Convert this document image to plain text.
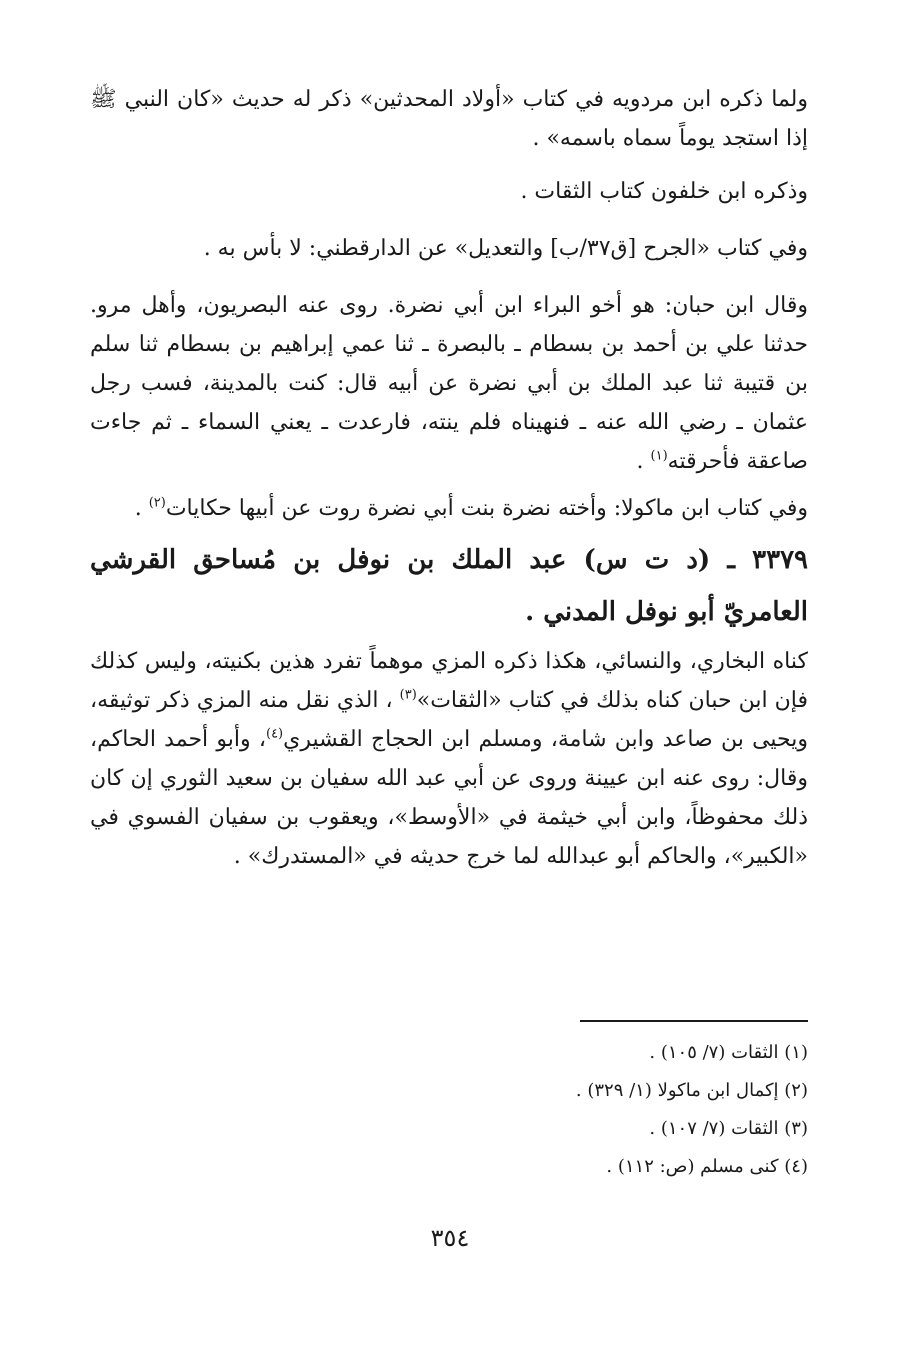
ولما ذكره ابن مردويه في كتاب «أولاد المحدثين» ذكر له حديث «كان النبي ﷺ إذا استجد يوماً سماه باسمه» .

وذكره ابن خلفون كتاب الثقات .

وفي كتاب «الجرح [ق٣٧/ب] والتعديل» عن الدارقطني: لا بأس به .

وقال ابن حبان: هو أخو البراء ابن أبي نضرة. روى عنه البصريون، وأهل مرو. حدثنا علي بن أحمد بن بسطام ـ بالبصرة ـ ثنا عمي إبراهيم بن بسطام ثنا سلم بن قتيبة ثنا عبد الملك بن أبي نضرة عن أبيه قال: كنت بالمدينة، فسب رجل عثمان ـ رضي الله عنه ـ فنهيناه فلم ينته، فارعدت ـ يعني السماء ـ ثم جاءت صاعقة فأحرقته$^{(١)}$ .

وفي كتاب ابن ماكولا: وأخته نضرة بنت أبي نضرة روت عن أبيها حكايات$^{(٢)}$ .

٣٣٧٩ ـ (د ت س) عبد الملك بن نوفل بن مُساحق القرشي العامريّ أبو نوفل المدني .

كناه البخاري، والنسائي، هكذا ذكره المزي موهماً تفرد هذين بكنيته، وليس كذلك فإن ابن حبان كناه بذلك في كتاب «الثقات»$^{(٣)}$ ، الذي نقل منه المزي ذكر توثيقه، ويحيى بن صاعد وابن شامة، ومسلم ابن الحجاج القشيري$^{(٤)}$، وأبو أحمد الحاكم، وقال: روى عنه ابن عيينة وروى عن أبي عبد الله سفيان بن سعيد الثوري إن كان ذلك محفوظاً، وابن أبي خيثمة في «الأوسط»، ويعقوب بن سفيان الفسوي في «الكبير»، والحاكم أبو عبدالله لما خرج حديثه في «المستدرك» .

(١) الثقات (٧/ ١٠٥) .
(٢) إكمال ابن ماكولا (١/ ٣٢٩) .
(٣) الثقات (٧/ ١٠٧) .
(٤) كنى مسلم (ص: ١١٢) .
٣٥٤
